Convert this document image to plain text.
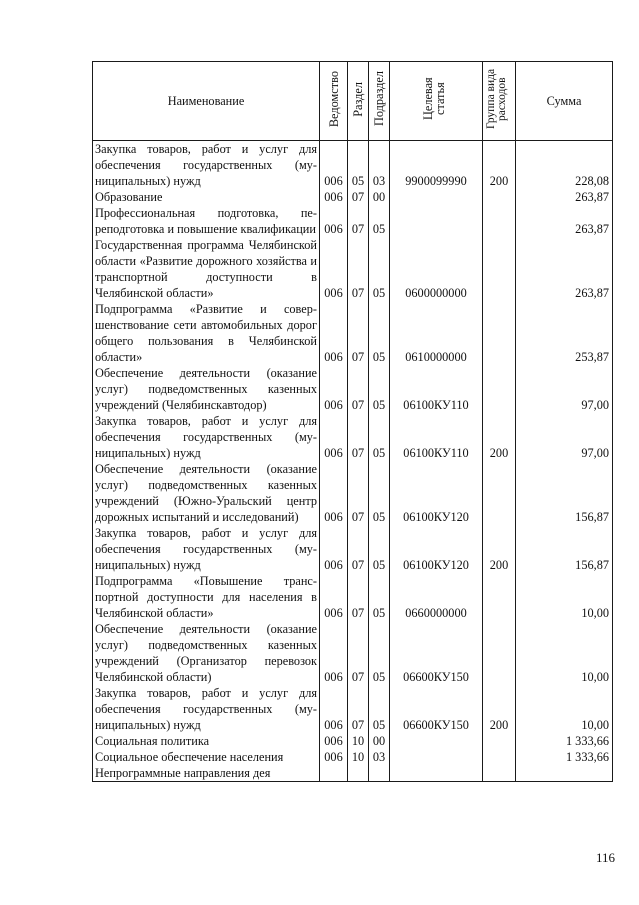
Наименование	Ведомство	Раздел	Подраздел	Целевая статья	Группа вида расходов	Сумма
Закупка товаров, работ и услуг для обеспечения государственных (муниципальных) нужд	006	05	03	9900099990	200	228,08
Образование	006	07	00			263,87
Профессиональная подготовка, переподготовка и повышение квалификации	006	07	05			263,87
Государственная программа Челябинской области «Развитие дорожного хозяйства и транспортной доступности в Челябинской области»	006	07	05	0600000000		263,87
Подпрограмма «Развитие и совершенствование сети автомобильных дорог общего пользования в Челябинской области»	006	07	05	0610000000		253,87
Обеспечение деятельности (оказание услуг) подведомственных казенных учреждений (Челябинскавтодор)	006	07	05	06100КУ110		97,00
Закупка товаров, работ и услуг для обеспечения государственных (муниципальных) нужд	006	07	05	06100КУ110	200	97,00
Обеспечение деятельности (оказание услуг) подведомственных казенных учреждений (Южно-Уральский центр дорожных испытаний и исследований)	006	07	05	06100КУ120		156,87
Закупка товаров, работ и услуг для обеспечения государственных (муниципальных) нужд	006	07	05	06100КУ120	200	156,87
Подпрограмма «Повышение транспортной доступности для населения в Челябинской области»	006	07	05	0660000000		10,00
Обеспечение деятельности (оказание услуг) подведомственных казенных учреждений (Организатор перевозок Челябинской области)	006	07	05	06600КУ150		10,00
Закупка товаров, работ и услуг для обеспечения государственных (муниципальных) нужд	006	07	05	06600КУ150	200	10,00
Социальная политика	006	10	00			1 333,66
Социальное обеспечение населения	006	10	03			1 333,66
Непрограммные направления дея						
116
